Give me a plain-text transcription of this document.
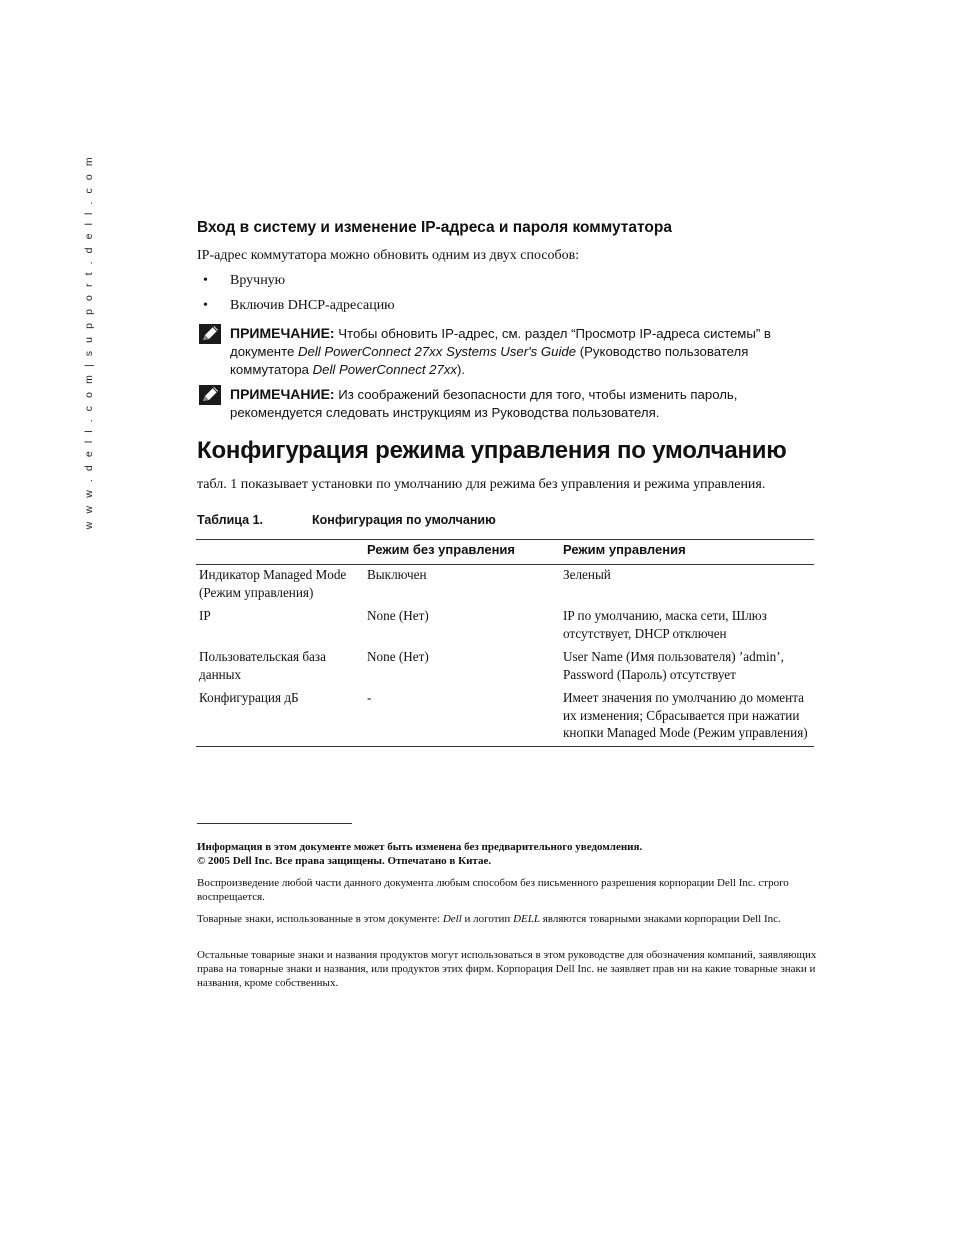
w w w . d e l l . c o m | s u p p o r t . d e l l . c o m	Вход в систему и изменение IP-адреса и пароля коммутатора

IP-адрес коммутатора можно обновить одним из двух способов:

• Вручную
• Включив DHCP-адресацию
ПРИМЕЧАНИЕ: Чтобы обновить IP-адрес, см. раздел “Просмотр IP-адреса системы” в документе Dell PowerConnect 27xx Systems User's Guide (Руководство пользователя коммутатора Dell PowerConnect 27xx).
ПРИМЕЧАНИЕ: Из соображений безопасности для того, чтобы изменить пароль, рекомендуется следовать инструкциям из Руководства пользователя.
Конфигурация режима управления по умолчанию

табл. 1 показывает установки по умолчанию для режима без управления и режима управления.

Таблица 1.	Конфигурация по умолчанию
	Режим без управления	Режим управления
Индикатор Managed Mode (Режим управления)	Выключен	Зеленый
IP	None (Нет)	IP по умолчанию, маска сети, Шлюз отсутствует, DHCP отключен
Пользовательская база данных	None (Нет)	User Name (Имя пользователя) ’admin’, Password (Пароль) отсутствует
Конфигурация дБ	-	Имеет значения по умолчанию до момента их изменения; Сбрасывается при нажатии кнопки Managed Mode (Режим управления)

Информация в этом документе может быть изменена без предварительного уведомления.
© 2005 Dell Inc. Все права защищены. Отпечатано в Китае.

Воспроизведение любой части данного документа любым способом без письменного разрешения корпорации Dell Inc. строго воспрещается.

Товарные знаки, использованные в этом документе: Dell и логотип DELL являются товарными знаками корпорации Dell Inc.

Остальные товарные знаки и названия продуктов могут использоваться в этом руководстве для обозначения компаний, заявляющих права на товарные знаки и названия, или продуктов этих фирм. Корпорация Dell Inc. не заявляет прав ни на какие товарные знаки и названия, кроме собственных.
